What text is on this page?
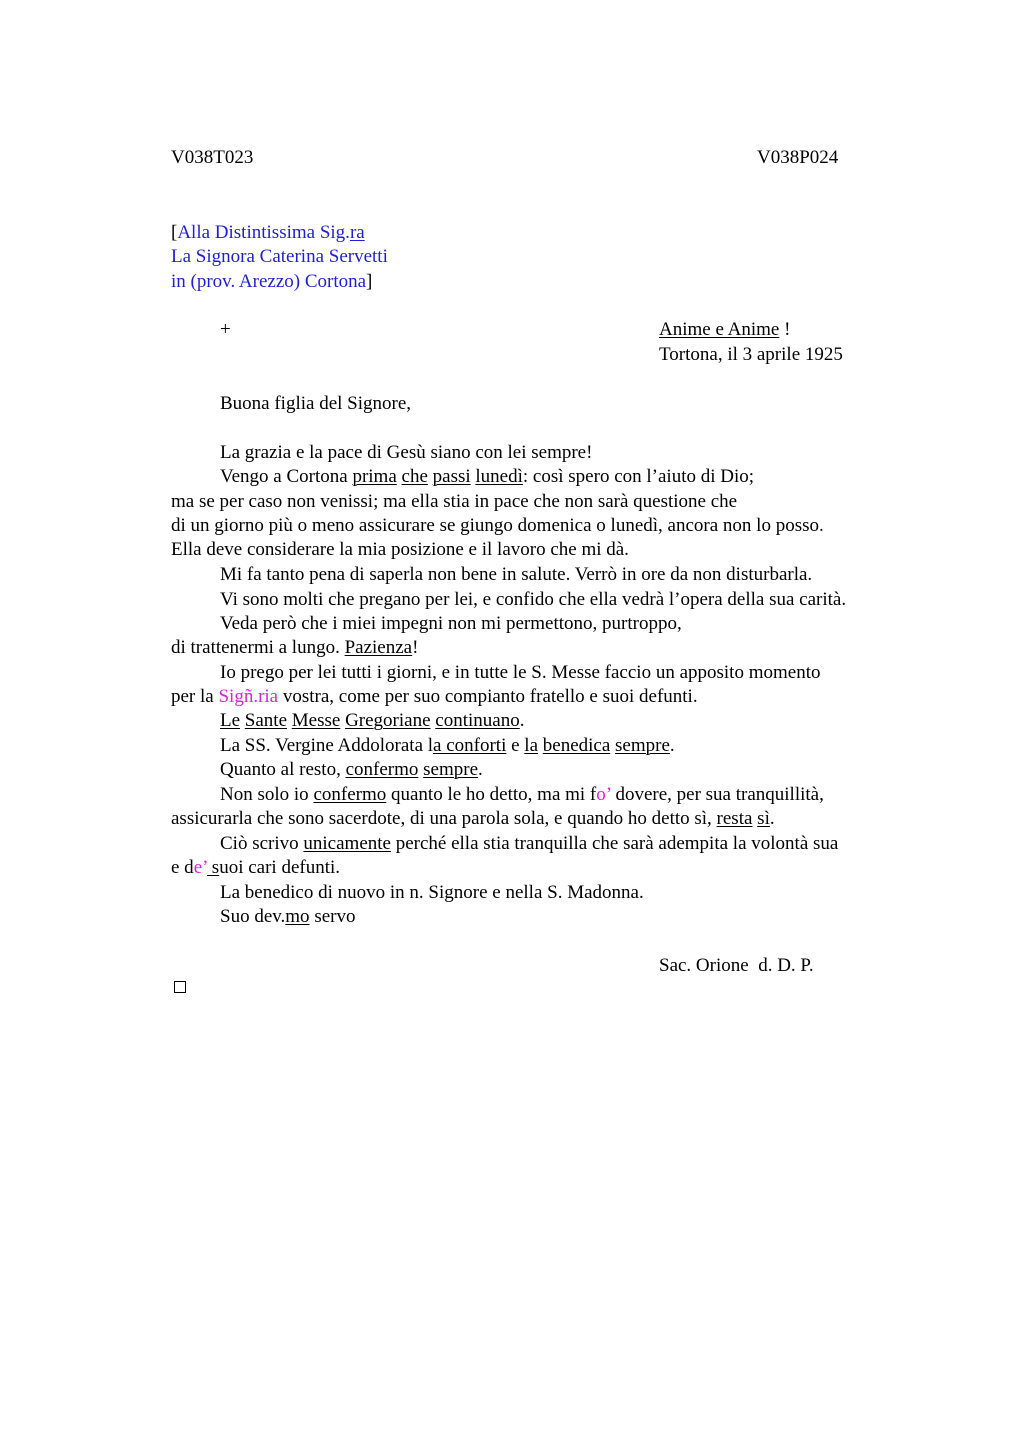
V038T023	V038P024
[Alla Distintissima Sig.ra
La Signora Caterina Servetti
in (prov. Arezzo) Cortona]
+	Anime e Anime !
Tortona, il 3 aprile 1925
Buona figlia del Signore,
La grazia e la pace di Gesù siano con lei sempre!
Vengo a Cortona prima che passi lunedì: così spero con l’aiuto di Dio;
ma se per caso non venissi; ma ella stia in pace che non sarà questione che
di un giorno più o meno assicurare se giungo domenica o lunedì, ancora non lo posso.
Ella deve considerare la mia posizione e il lavoro che mi dà.
Mi fa tanto pena di saperla non bene in salute. Verrò in ore da non disturbarla.
Vi sono molti che pregano per lei, e confido che ella vedrà l’opera della sua carità.
Veda però che i miei impegni non mi permettono, purtroppo,
di trattenermi a lungo. Pazienza!
Io prego per lei tutti i giorni, e in tutte le S. Messe faccio un apposito momento
per la Sigñ.ria vostra, come per suo compianto fratello e suoi defunti.
Le Sante Messe Gregoriane continuano.
La SS. Vergine Addolorata la conforti e la benedica sempre.
Quanto al resto, confermo sempre.
Non solo io confermo quanto le ho detto, ma mi fo’ dovere, per sua tranquillità,
assicurarla che sono sacerdote, di una parola sola, e quando ho detto sì, resta sì.
Ciò scrivo unicamente perché ella stia tranquilla che sarà adempita la volontà sua
e de’ suoi cari defunti.
La benedico di nuovo in n. Signore e nella S. Madonna.
Suo dev.mo servo
Sac. Orione  d. D. P.
